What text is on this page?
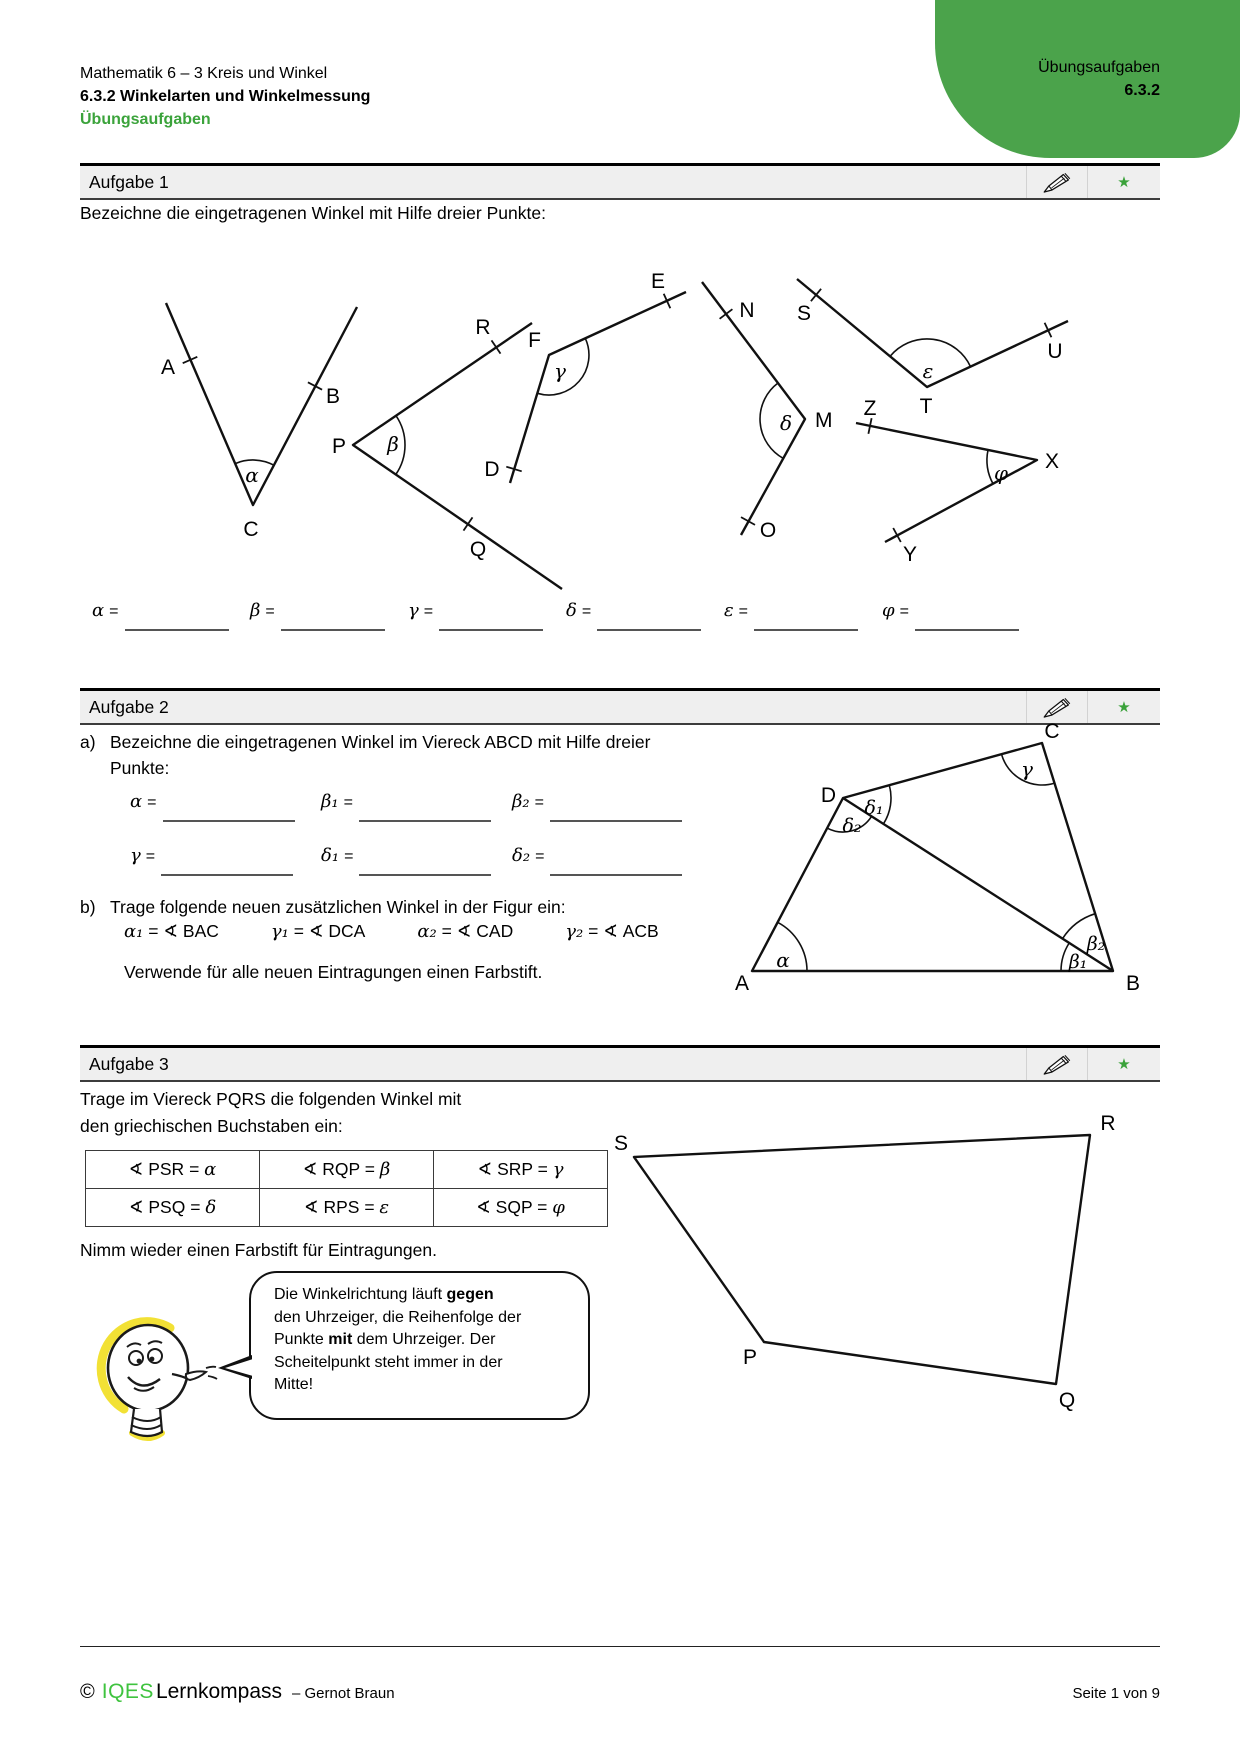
Mathematik 6 – 3 Kreis und Winkel
6.3.2 Winkelarten und Winkelmessung
Übungsaufgaben
Übungsaufgaben
6.3.2
Aufgabe 1	★
Bezeichne die eingetragenen Winkel mit Hilfe dreier Punkte:
A
B
C
α
R
Q
P β
E
D
F
γ
N
O
M
δ
S
U
T
ε
Z
Y
X
φ
α =	β =	γ =	δ =	ε =	φ =
Aufgabe 2	★
a) Bezeichne die eingetragenen Winkel im Viereck ABCD mit Hilfe dreier Punkte:
α =	β₁ =	β₂ =
γ =	δ₁ =	δ₂ =
b) Trage folgende neuen zusätzlichen Winkel in der Figur ein:
α₁ = ∢ BAC	γ₁ = ∢ DCA	α₂ = ∢ CAD	γ₂ = ∢ ACB
Verwende für alle neuen Eintragungen einen Farbstift.	A	B
C
D
α
γ
δ₁
δ₂
β₁
β₂
Aufgabe 3	★
Trage im Viereck PQRS die folgenden Winkel mit den griechischen Buchstaben ein:
∢ PSR = α	∢ RQP = β	∢ SRP = γ
∢ PSQ = δ	∢ RPS = ε	∢ SQP = φ
Nimm wieder einen Farbstift für Eintragungen.
S
R
Q
P
Die Winkelrichtung läuft gegen
den Uhrzeiger, die Reihenfolge der
Punkte mit dem Uhrzeiger. Der
Scheitelpunkt steht immer in der
Mitte!
© IQES Lernkompass – Gernot Braun	Seite 1 von 9
